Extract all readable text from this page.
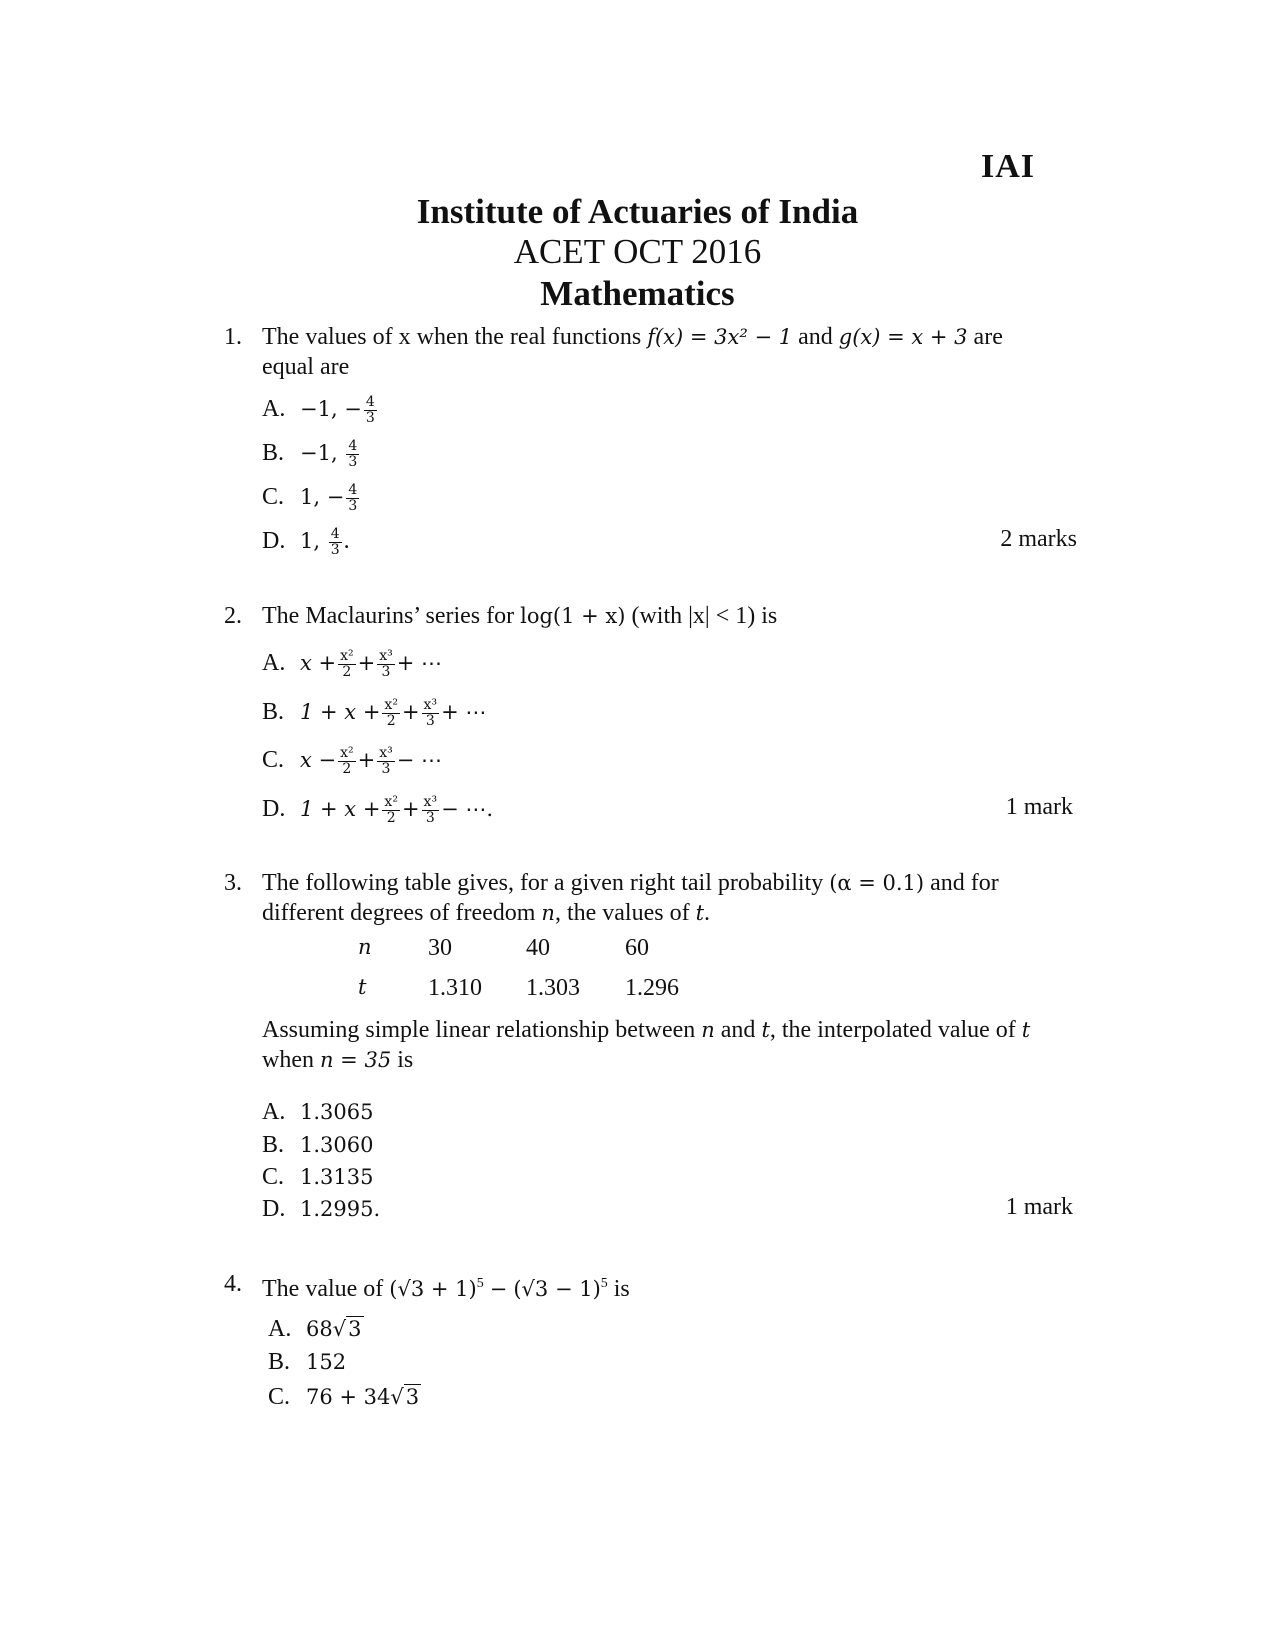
IAI
Institute of Actuaries of India
ACET OCT 2016
Mathematics
1. The values of x when the real functions f(x) = 3x² − 1 and g(x) = x + 3 are
equal are
A. −1, − $\frac{4}{3}$
B. −1, $\frac{4}{3}$
C. 1, − $\frac{4}{3}$
D. 1, $\frac{4}{3}$ .	2 marks
2. The Maclaurins’ series for log(1 + x) (with |x| < 1) is
A. $x + \frac{\text{x²}}{2} + \frac{\text{x³}}{3}$ + ⋯
B. $1 + x + \frac{\text{x²}}{2} + \frac{\text{x³}}{3}$ + ⋯
C. $x - \frac{\text{x²}}{2} + \frac{\text{x³}}{3}$ − ⋯
D. $1 + x + \frac{\text{x²}}{2} + \frac{\text{x³}}{3}$ − ⋯.	1 mark
3. The following table gives, for a given right tail probability (α = 0.1) and for
different degrees of freedom n, the values of t.
n 30	40	60
t	1.310 1.303 1.296
Assuming simple linear relationship between n and t, the interpolated value of t
when n = 35 is
A. 1.3065
B. 1.3060
C. 1.3135
D. 1.2995.	1 mark
4. The value of $(√3 + 1)^5 - (√3 - 1)^5$ is
A. 68√3
B. 152
C. 76 + 34√3
